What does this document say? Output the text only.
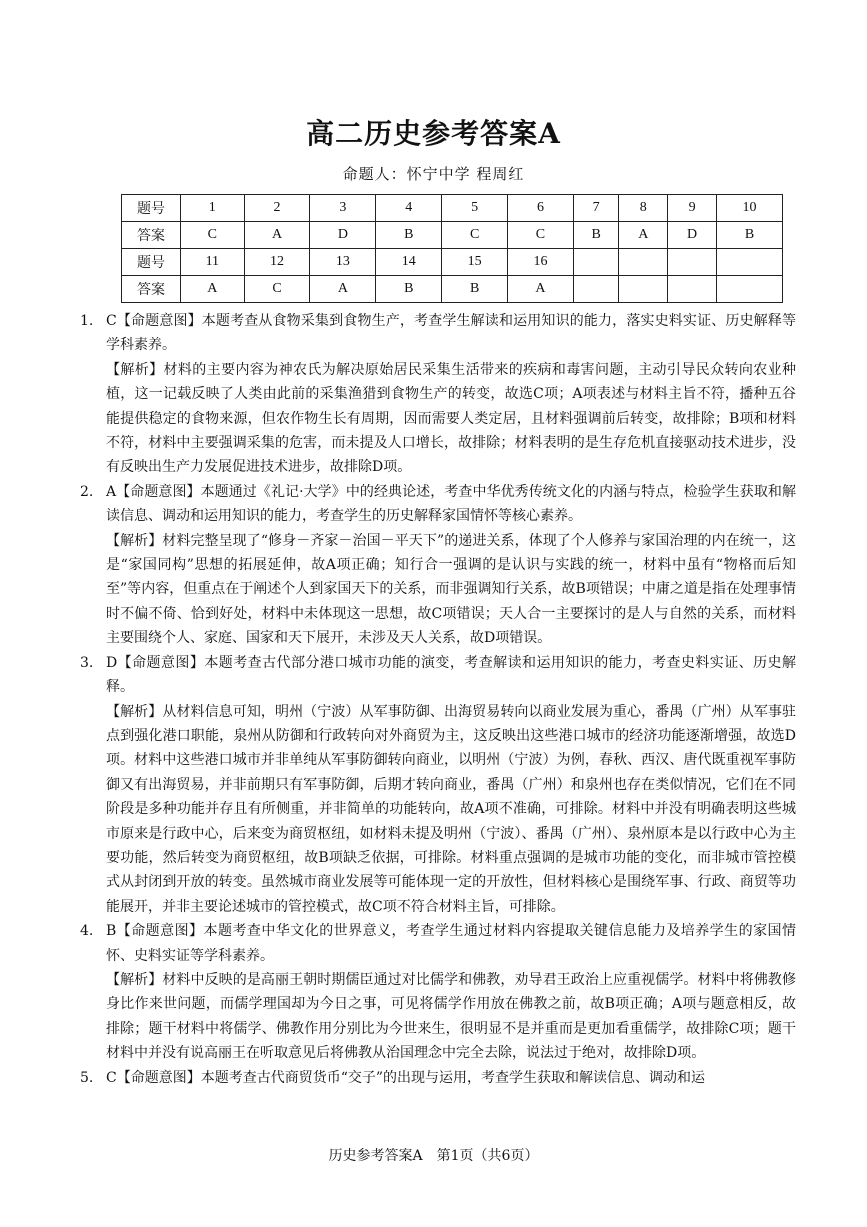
高二历史参考答案A
命题人：怀宁中学 程周红
题号	1	2	3	4	5	6	7	8	9	10
答案	C	A	D	B	C	C	B	A	D	B
题号	11	12	13	14	15	16				
答案	A	C	A	B	B	A				
1. C【命题意图】本题考查从食物采集到食物生产，考查学生解读和运用知识的能力，落实史料实证、历史解释等学科素养。

【解析】材料的主要内容为神农氏为解决原始居民采集生活带来的疾病和毒害问题，主动引导民众转向农业种植，这一记载反映了人类由此前的采集渔猎到食物生产的转变，故选C项；A项表述与材料主旨不符，播种五谷能提供稳定的食物来源，但农作物生长有周期，因而需要人类定居，且材料强调前后转变，故排除；B项和材料不符，材料中主要强调采集的危害，而未提及人口增长，故排除；材料表明的是生存危机直接驱动技术进步，没有反映出生产力发展促进技术进步，故排除D项。

2. A【命题意图】本题通过《礼记·大学》中的经典论述，考查中华优秀传统文化的内涵与特点，检验学生获取和解读信息、调动和运用知识的能力，考查学生的历史解释家国情怀等核心素养。

【解析】材料完整呈现了“修身－齐家－治国－平天下”的递进关系，体现了个人修养与家国治理的内在统一，这是“家国同构”思想的拓展延伸，故A项正确；知行合一强调的是认识与实践的统一，材料中虽有“物格而后知至”等内容，但重点在于阐述个人到家国天下的关系，而非强调知行关系，故B项错误；中庸之道是指在处理事情时不偏不倚、恰到好处，材料中未体现这一思想，故C项错误；天人合一主要探讨的是人与自然的关系，而材料主要围绕个人、家庭、国家和天下展开，未涉及天人关系，故D项错误。

3. D【命题意图】本题考查古代部分港口城市功能的演变，考查解读和运用知识的能力，考查史料实证、历史解释。

【解析】从材料信息可知，明州（宁波）从军事防御、出海贸易转向以商业发展为重心，番禺（广州）从军事驻点到强化港口职能，泉州从防御和行政转向对外商贸为主，这反映出这些港口城市的经济功能逐渐增强，故选D项。材料中这些港口城市并非单纯从军事防御转向商业，以明州（宁波）为例，春秋、西汉、唐代既重视军事防御又有出海贸易，并非前期只有军事防御，后期才转向商业，番禺（广州）和泉州也存在类似情况，它们在不同阶段是多种功能并存且有所侧重，并非简单的功能转向，故A项不准确，可排除。材料中并没有明确表明这些城市原来是行政中心，后来变为商贸枢纽，如材料未提及明州（宁波）、番禺（广州）、泉州原本是以行政中心为主要功能，然后转变为商贸枢纽，故B项缺乏依据，可排除。材料重点强调的是城市功能的变化，而非城市管控模式从封闭到开放的转变。虽然城市商业发展等可能体现一定的开放性，但材料核心是围绕军事、行政、商贸等功能展开，并非主要论述城市的管控模式，故C项不符合材料主旨，可排除。

4. B【命题意图】本题考查中华文化的世界意义，考查学生通过材料内容提取关键信息能力及培养学生的家国情怀、史料实证等学科素养。

【解析】材料中反映的是高丽王朝时期儒臣通过对比儒学和佛教，劝导君王政治上应重视儒学。材料中将佛教修身比作来世问题，而儒学理国却为今日之事，可见将儒学作用放在佛教之前，故B项正确；A项与题意相反，故排除；题干材料中将儒学、佛教作用分别比为今世来生，很明显不是并重而是更加看重儒学，故排除C项；题干材料中并没有说高丽王在听取意见后将佛教从治国理念中完全去除，说法过于绝对，故排除D项。

5. C【命题意图】本题考查古代商贸货币“交子”的出现与运用，考查学生获取和解读信息、调动和运

历史参考答案A　第1页（共6页）
